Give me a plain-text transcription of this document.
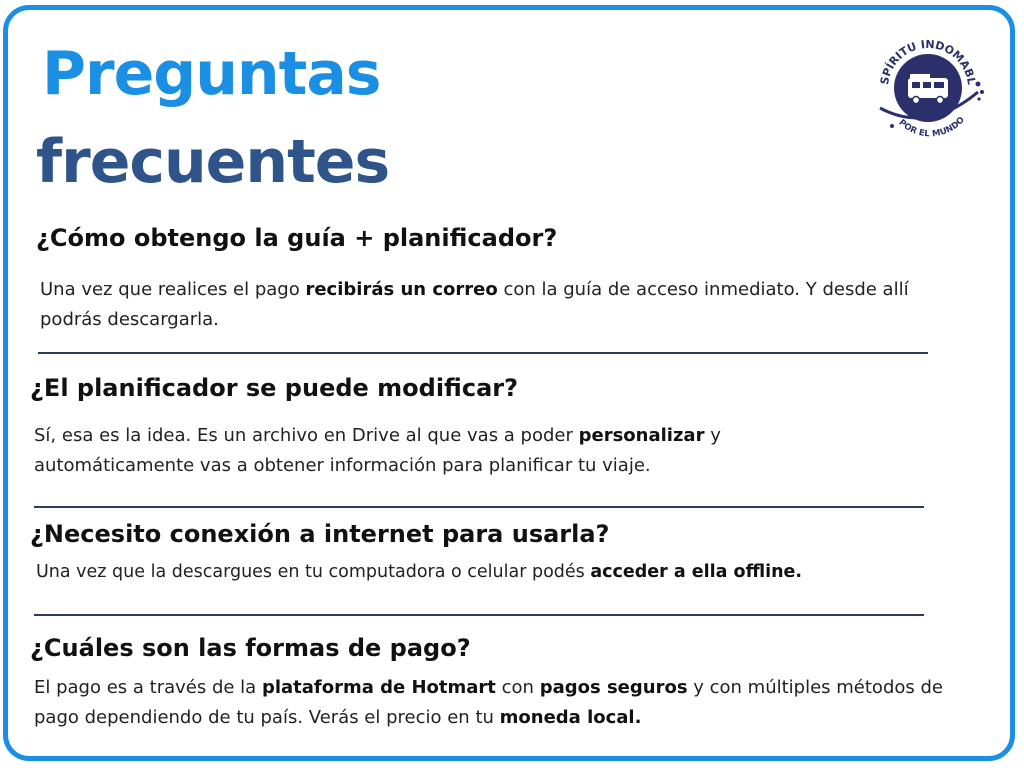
Preguntas
frecuentes
SPÍRITU INDOMABL
POR EL MUNDO
¿Cómo obtengo la guía + planificador?

Una vez que realices el pago recibirás un correo con la guía de acceso inmediato. Y desde allí podrás descargarla.

¿El planificador se puede modificar?

Sí, esa es la idea. Es un archivo en Drive al que vas a poder personalizar y automáticamente vas a obtener información para planificar tu viaje.

¿Necesito conexión a internet para usarla?

Una vez que la descargues en tu computadora o celular podés acceder a ella offline.

¿Cuáles son las formas de pago?

El pago es a través de la plataforma de Hotmart con pagos seguros y con múltiples métodos de pago dependiendo de tu país. Verás el precio en tu moneda local.
